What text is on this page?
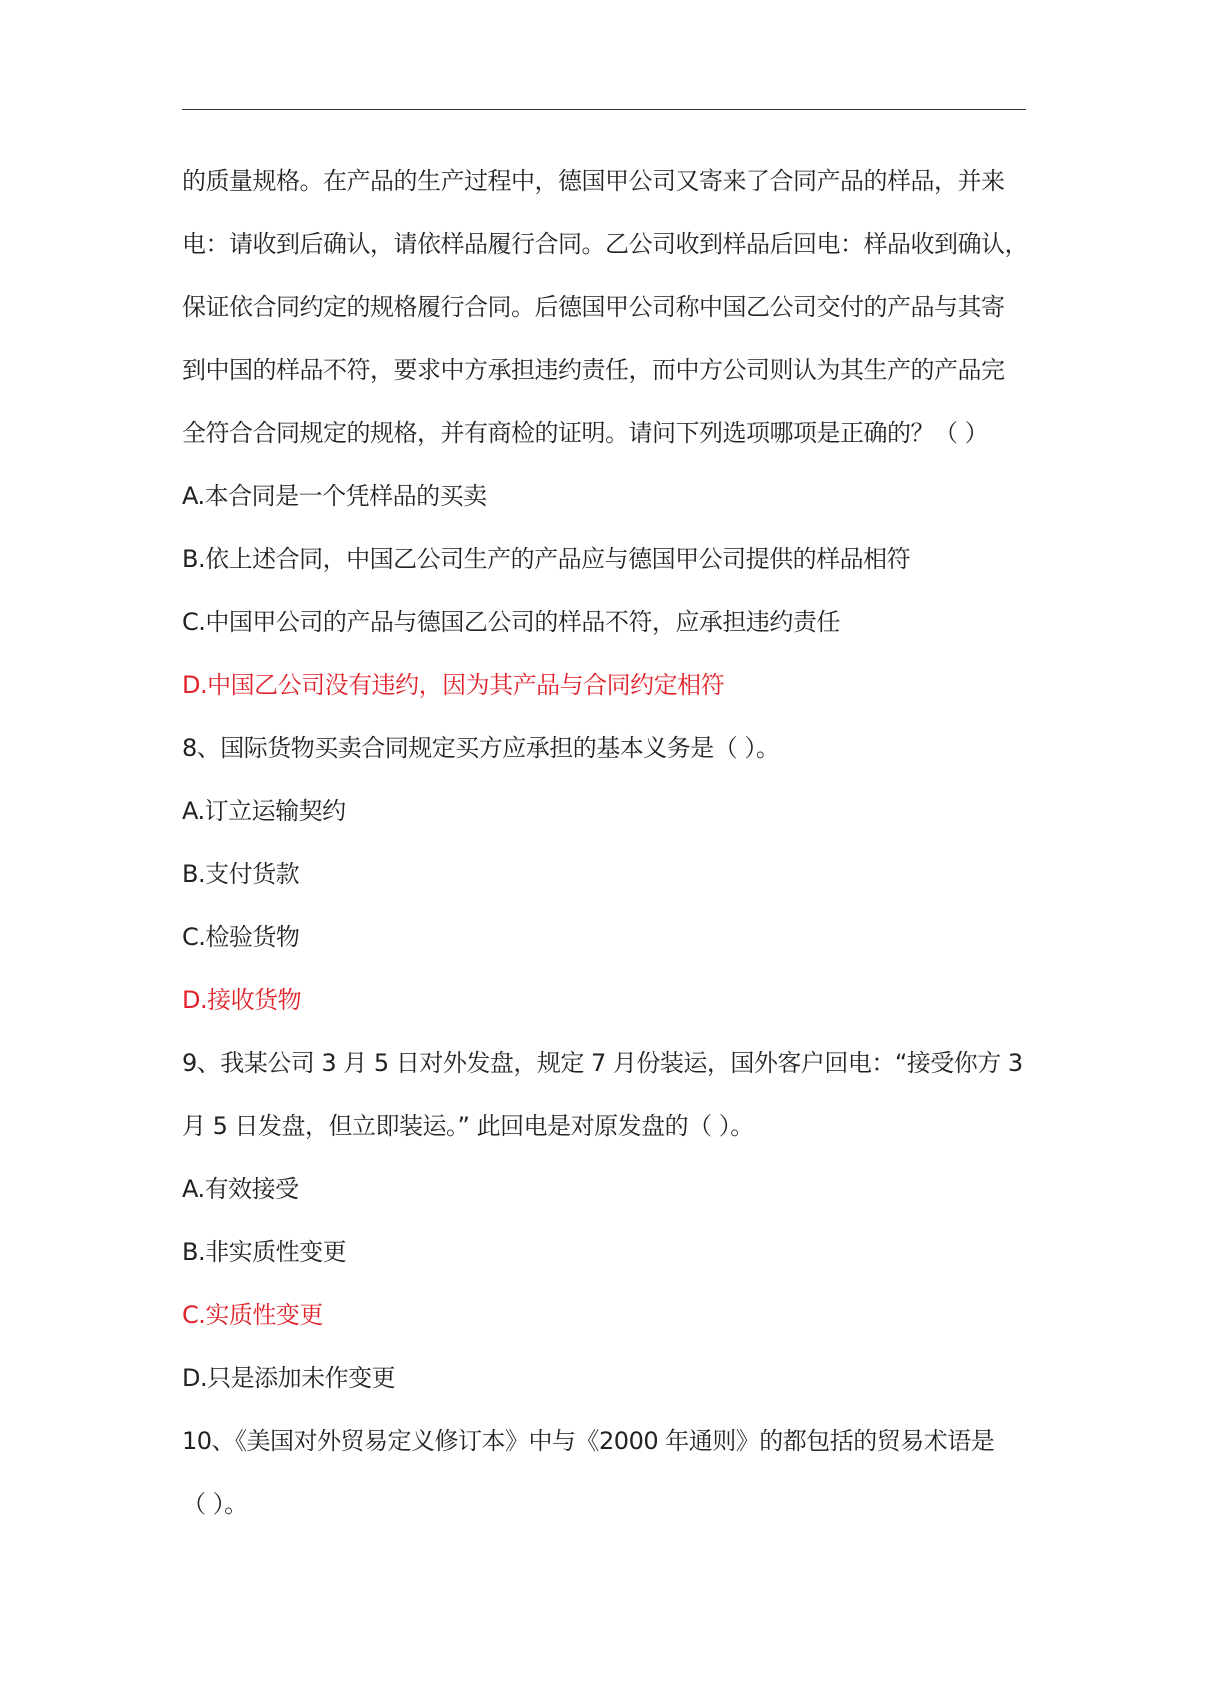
的质量规格。在产品的生产过程中，德国甲公司又寄来了合同产品的样品，并来
电：请收到后确认，请依样品履行合同。乙公司收到样品后回电：样品收到确认，
保证依合同约定的规格履行合同。后德国甲公司称中国乙公司交付的产品与其寄
到中国的样品不符，要求中方承担违约责任，而中方公司则认为其生产的产品完
全符合合同规定的规格，并有商检的证明。请问下列选项哪项是正确的？（ ）
A.本合同是一个凭样品的买卖
B.依上述合同，中国乙公司生产的产品应与德国甲公司提供的样品相符
C.中国甲公司的产品与德国乙公司的样品不符，应承担违约责任
D.中国乙公司没有违约，因为其产品与合同约定相符
8、国际货物买卖合同规定买方应承担的基本义务是（ ）。
A.订立运输契约
B.支付货款
C.检验货物
D.接收货物
9、我某公司 3 月 5 日对外发盘，规定 7 月份装运，国外客户回电：“接受你方 3
月 5 日发盘，但立即装运。” 此回电是对原发盘的（ ）。
A.有效接受
B.非实质性变更
C.实质性变更
D.只是添加未作变更
10、《美国对外贸易定义修订本》中与《2000 年通则》的都包括的贸易术语是
（ ）。
